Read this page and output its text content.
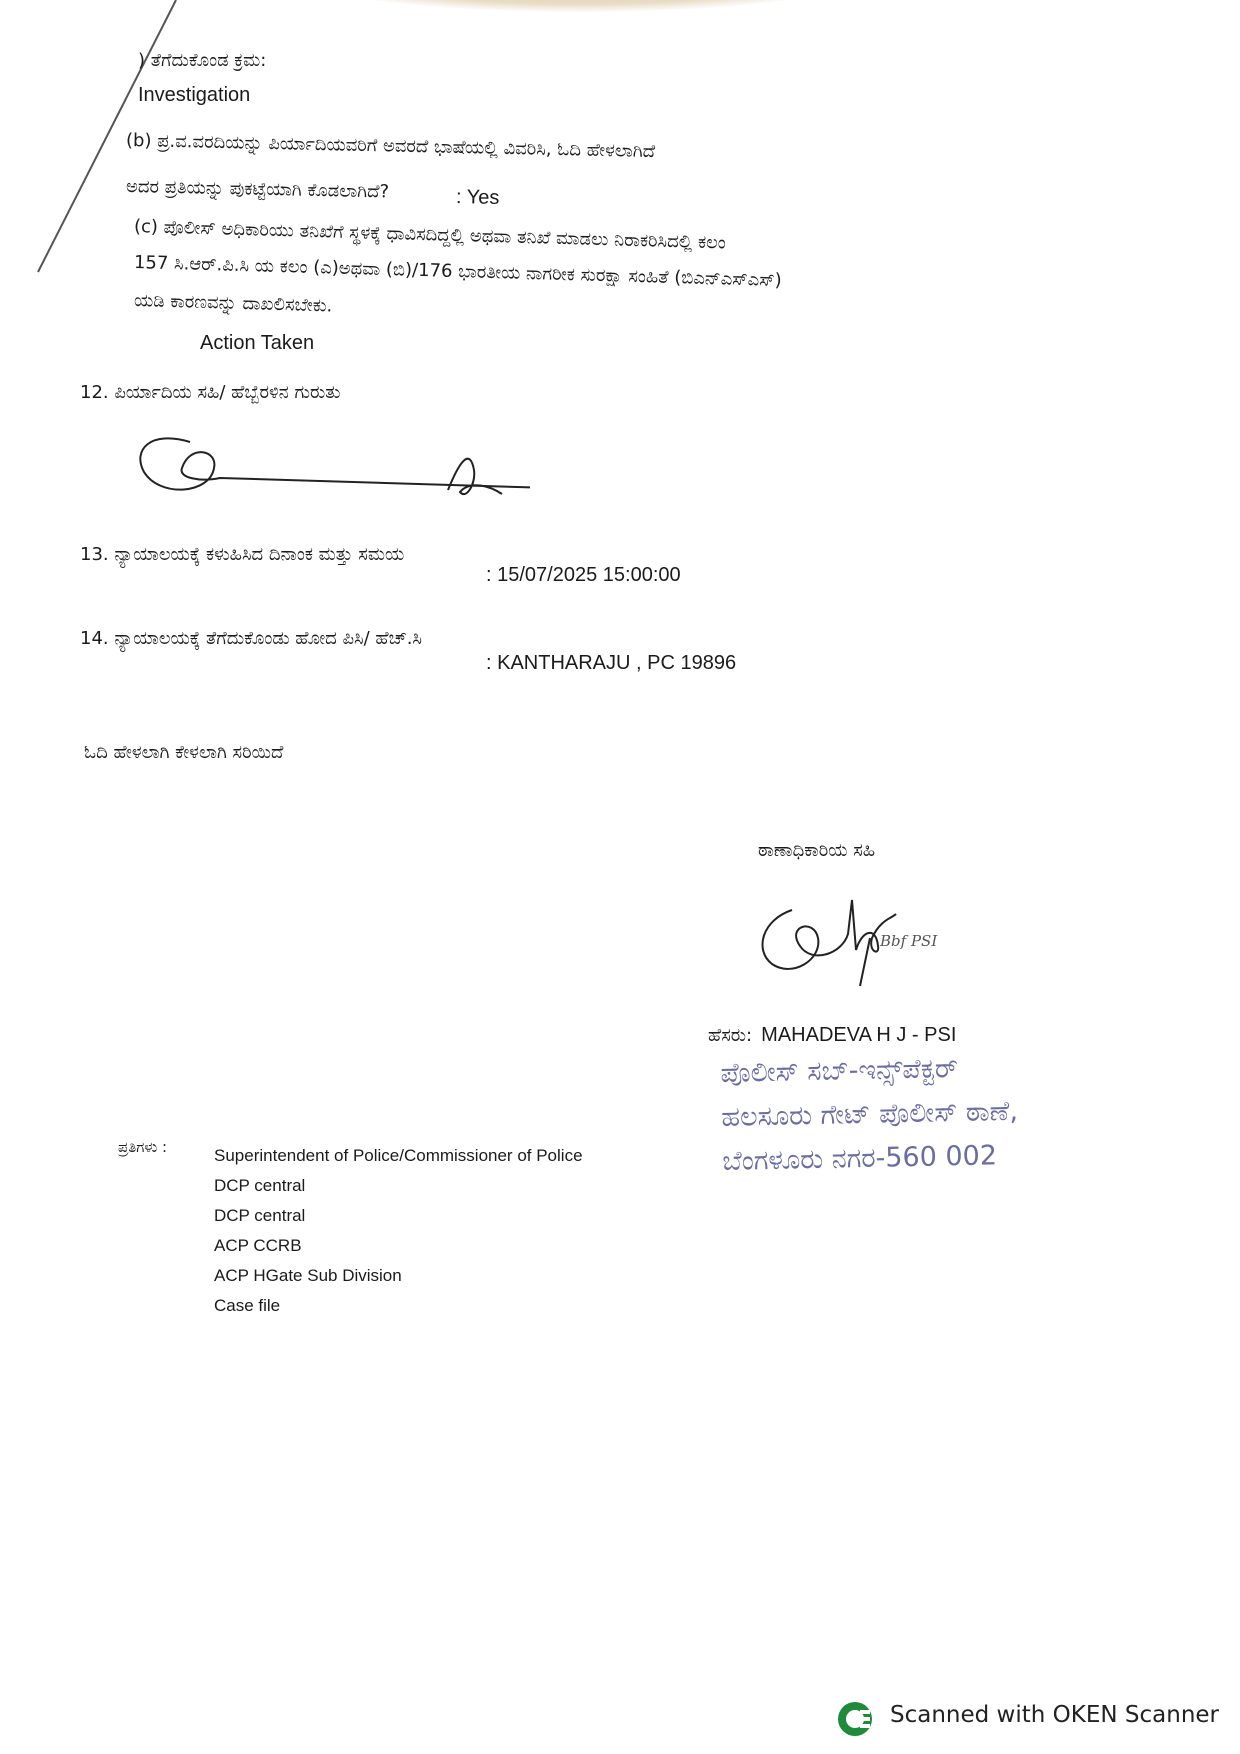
) ತೆಗೆದುಕೊಂಡ ಕ್ರಮ:
Investigation
(b) ಪ್ರ.ವ.ವರದಿಯನ್ನು ಪಿರ್ಯಾದಿಯವರಿಗೆ ಅವರದೆ ಭಾಷೆಯಲ್ಲಿ ವಿವರಿಸಿ, ಓದಿ ಹೇಳಲಾಗಿದೆ
ಅದರ ಪ್ರತಿಯನ್ನು ಪುಕಟ್ಟೆಯಾಗಿ ಕೊಡಲಾಗಿದೆ?	: Yes
(c) ಪೊಲೀಸ್ ಅಧಿಕಾರಿಯು ತನಿಖೆಗೆ ಸ್ಥಳಕ್ಕೆ ಧಾವಿಸದಿದ್ದಲ್ಲಿ ಅಥವಾ ತನಿಖೆ ಮಾಡಲು ನಿರಾಕರಿಸಿದಲ್ಲಿ ಕಲಂ
157 ಸಿ.ಆರ್.ಪಿ.ಸಿ ಯ ಕಲಂ (ಎ)ಅಥವಾ (ಬಿ)/176 ಭಾರತೀಯ ನಾಗರೀಕ ಸುರಕ್ಷಾ ಸಂಹಿತೆ (ಬಿಎನ್‌ಎಸ್‌ಎಸ್)
ಯಡಿ ಕಾರಣವನ್ನು ದಾಖಲಿಸಬೇಕು.
Action Taken
12. ಪಿರ್ಯಾದಿಯ ಸಹಿ/ ಹೆಬ್ಬೆರಳಿನ ಗುರುತು
13. ನ್ಯಾಯಾಲಯಕ್ಕೆ ಕಳುಹಿಸಿದ ದಿನಾಂಕ ಮತ್ತು ಸಮಯ
: 15/07/2025 15:00:00
14. ನ್ಯಾಯಾಲಯಕ್ಕೆ ತೆಗೆದುಕೊಂಡು ಹೋದ ಪಿಸಿ/ ಹೆಚ್.ಸಿ
: KANTHARAJU , PC 19896
ಓದಿ ಹೇಳಲಾಗಿ ಕೇಳಲಾಗಿ ಸರಿಯಿದೆ
ಠಾಣಾಧಿಕಾರಿಯ ಸಹಿ
Bbf PSI
ಹೆಸರು: MAHADEVA H J - PSI
ಪೊಲೀಸ್ ಸಬ್-ಇನ್ಸ್‌ಪೆಕ್ಟರ್
ಹಲಸೂರು ಗೇಟ್ ಪೊಲೀಸ್ ಠಾಣೆ,
ಬೆಂಗಳೂರು ನಗರ-560 002
ಪ್ರತಿಗಳು :	Superintendent of Police/Commissioner of Police
DCP central
DCP central
ACP CCRB
ACP HGate Sub Division
Case file
Scanned with OKEN Scanner
